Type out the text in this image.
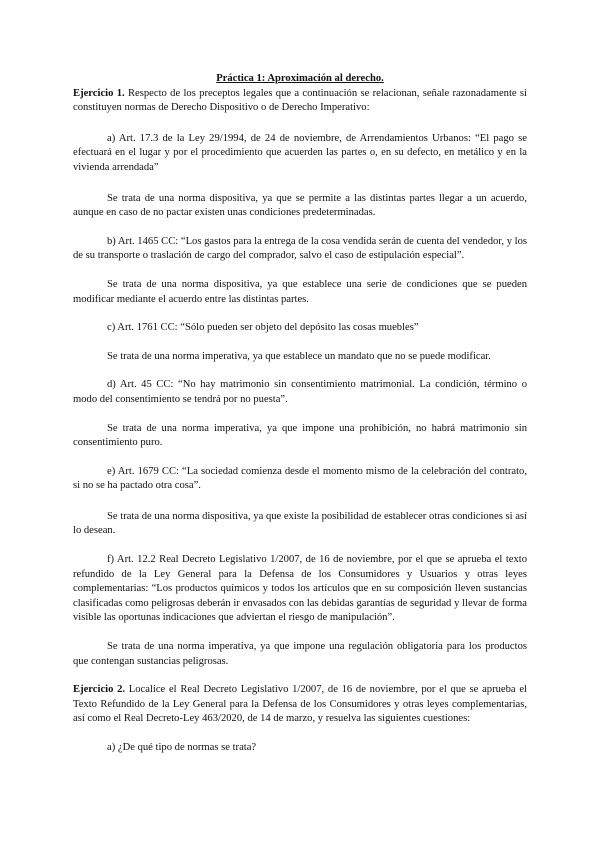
Práctica 1: Aproximación al derecho.

Ejercicio 1. Respecto de los preceptos legales que a continuación se relacionan, señale razonadamente si constituyen normas de Derecho Dispositivo o de Derecho Imperativo:

a) Art. 17.3 de la Ley 29/1994, de 24 de noviembre, de Arrendamientos Urbanos: “El pago se efectuará en el lugar y por el procedimiento que acuerden las partes o, en su defecto, en metálico y en la vivienda arrendada”

Se trata de una norma dispositiva, ya que se permite a las distintas partes llegar a un acuerdo, aunque en caso de no pactar existen unas condiciones predeterminadas.

b) Art. 1465 CC: “Los gastos para la entrega de la cosa vendida serán de cuenta del vendedor, y los de su transporte o traslación de cargo del comprador, salvo el caso de estipulación especial”.

Se trata de una norma dispositiva, ya que establece una serie de condiciones que se pueden modificar mediante el acuerdo entre las distintas partes.

c) Art. 1761 CC: “Sólo pueden ser objeto del depósito las cosas muebles”

Se trata de una norma imperativa, ya que establece un mandato que no se puede modificar.

d) Art. 45 CC: “No hay matrimonio sin consentimiento matrimonial. La condición, término o modo del consentimiento se tendrá por no puesta”.

Se trata de una norma imperativa, ya que impone una prohibición, no habrá matrimonio sin consentimiento puro.

e) Art. 1679 CC: “La sociedad comienza desde el momento mismo de la celebración del contrato, si no se ha pactado otra cosa”.

Se trata de una norma dispositiva, ya que existe la posibilidad de establecer otras condiciones si así lo desean.

f) Art. 12.2 Real Decreto Legislativo 1/2007, de 16 de noviembre, por el que se aprueba el texto refundido de la Ley General para la Defensa de los Consumidores y Usuarios y otras leyes complementarias: “Los productos químicos y todos los artículos que en su composición lleven sustancias clasificadas como peligrosas deberán ir envasados con las debidas garantías de seguridad y llevar de forma visible las oportunas indicaciones que adviertan el riesgo de manipulación”.

Se trata de una norma imperativa, ya que impone una regulación obligatoria para los productos que contengan sustancias peligrosas.

Ejercicio 2. Localice el Real Decreto Legislativo 1/2007, de 16 de noviembre, por el que se aprueba el Texto Refundido de la Ley General para la Defensa de los Consumidores y otras leyes complementarias, así como el Real Decreto-Ley 463/2020, de 14 de marzo, y resuelva las siguientes cuestiones:

a) ¿De qué tipo de normas se trata?
